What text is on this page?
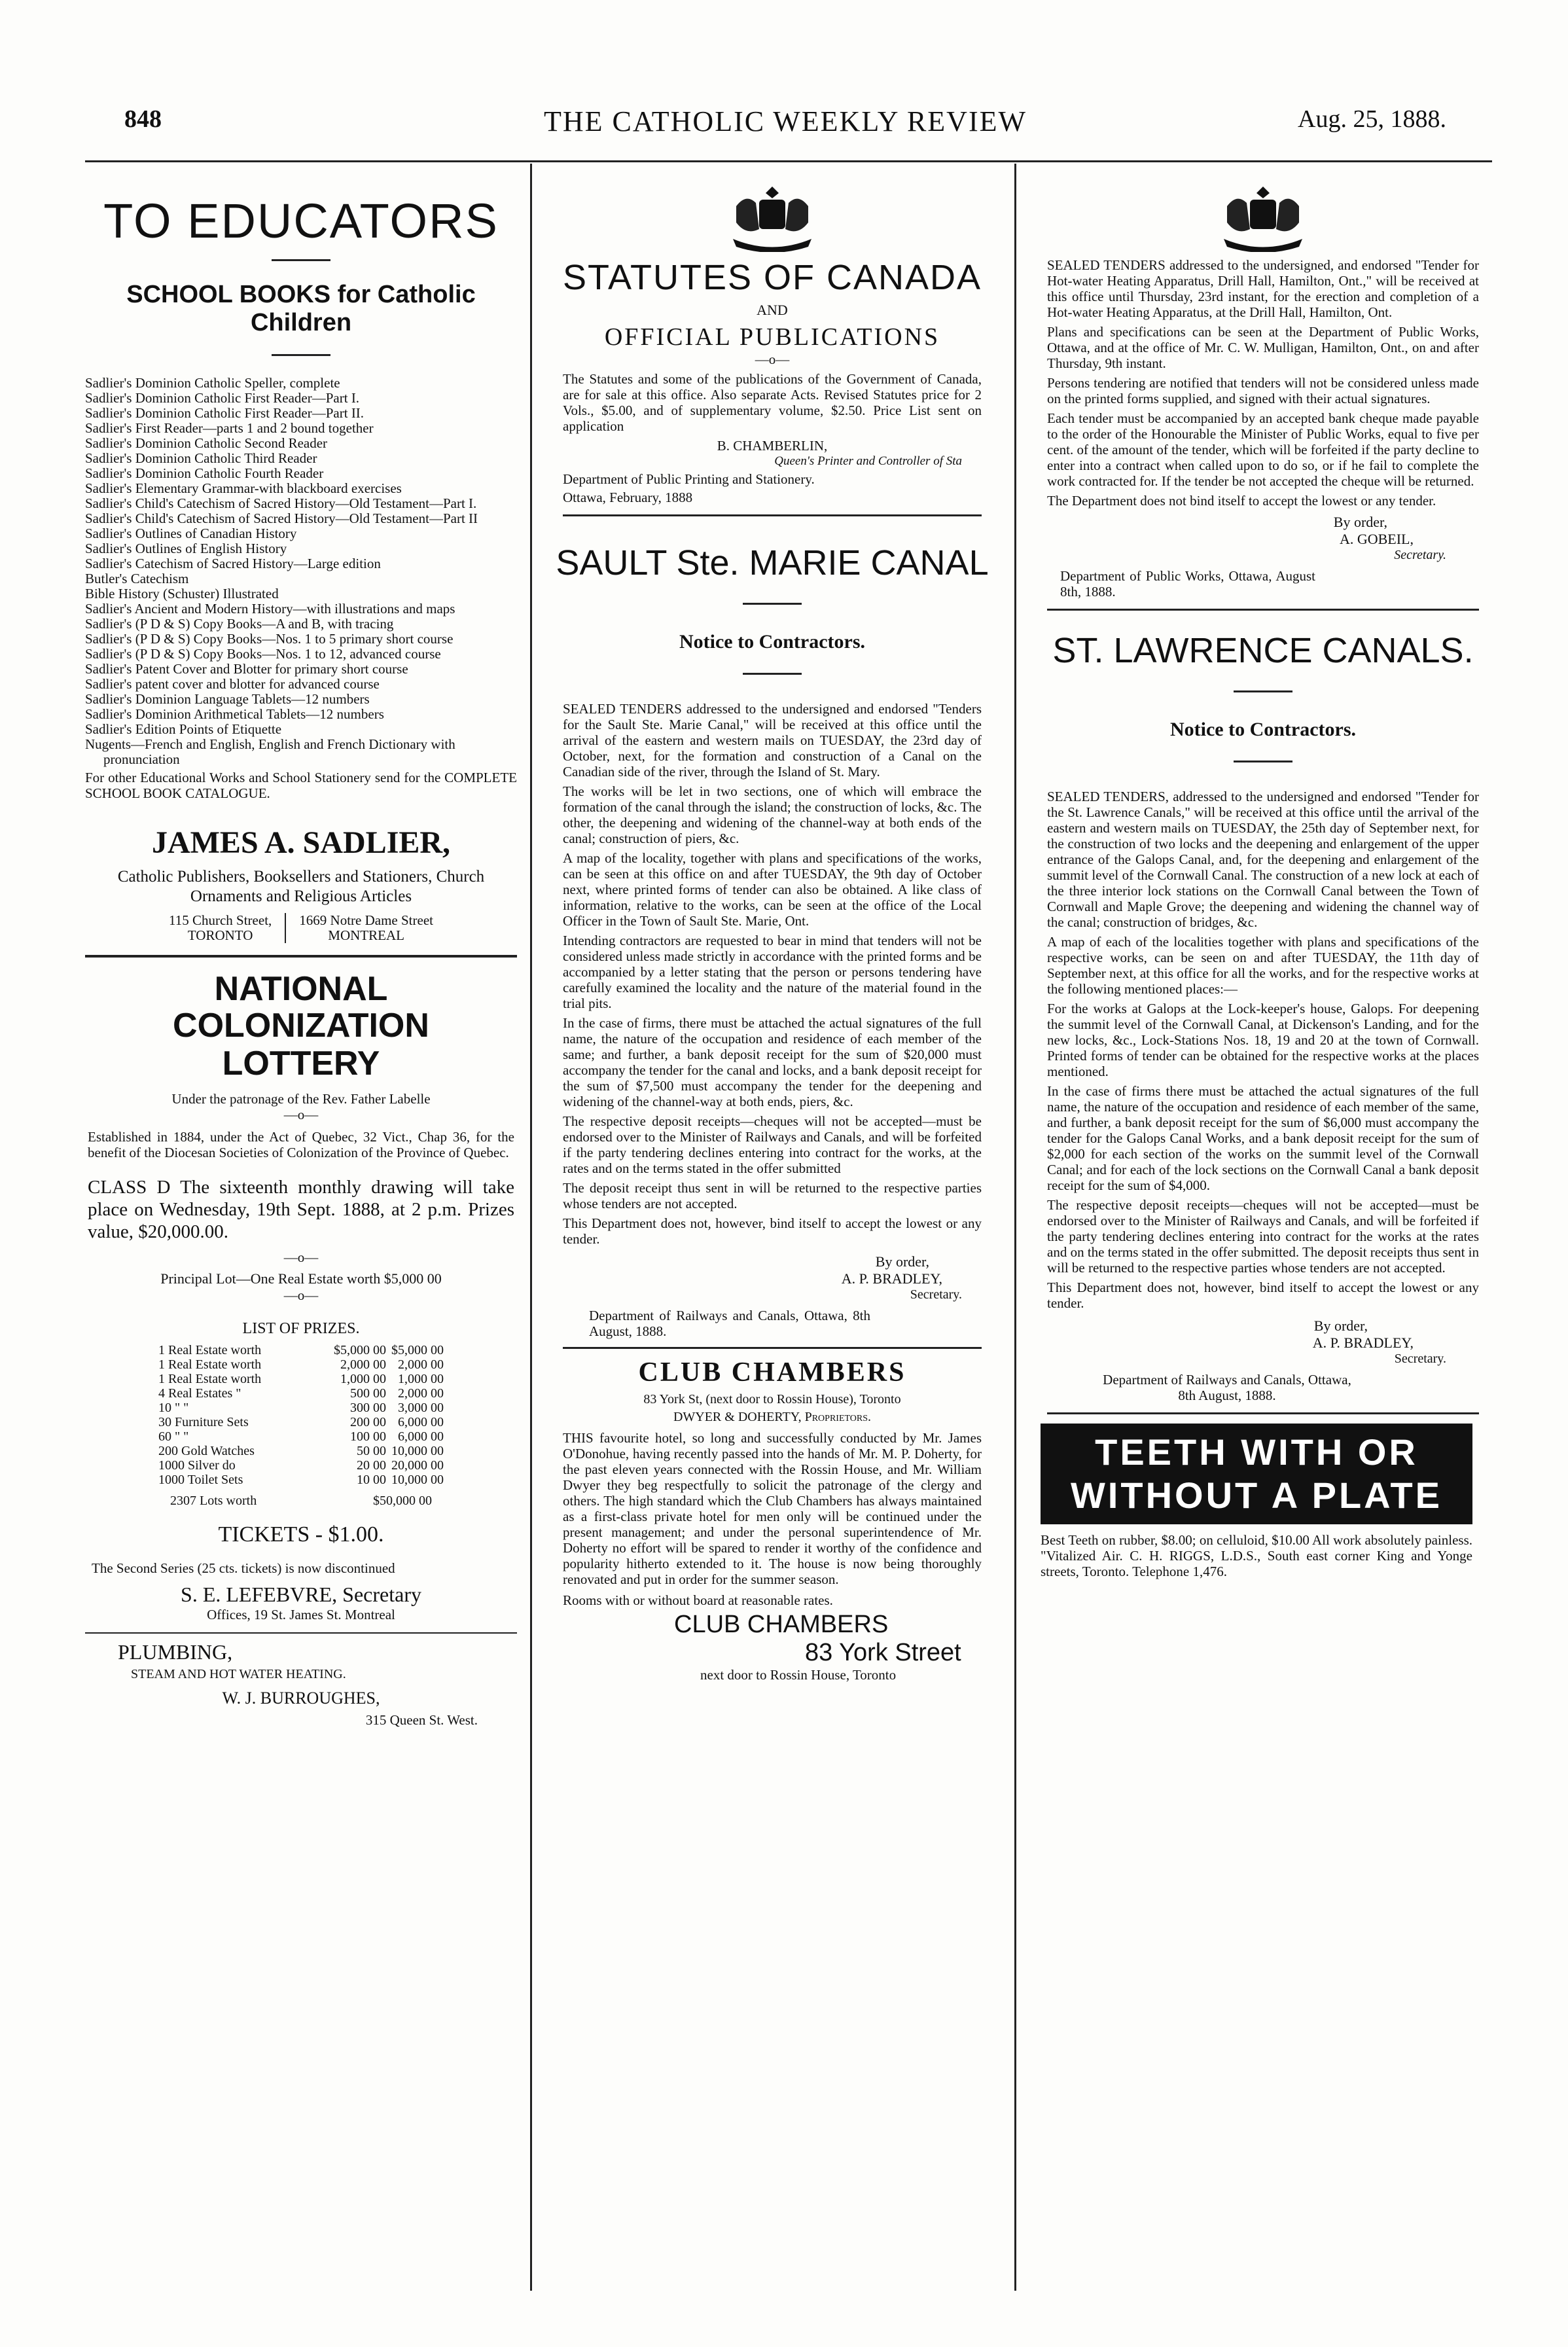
848	THE CATHOLIC WEEKLY REVIEW	Aug. 25, 1888.
TO EDUCATORS
SCHOOL BOOKS for Catholic Children
Sadlier's Dominion Catholic Speller, complete
Sadlier's Dominion Catholic First Reader—Part I.
Sadlier's Dominion Catholic First Reader—Part II.
Sadlier's First Reader—parts 1 and 2 bound together
Sadlier's Dominion Catholic Second Reader
Sadlier's Dominion Catholic Third Reader
Sadlier's Dominion Catholic Fourth Reader
Sadlier's Elementary Grammar-with blackboard exercises
Sadlier's Child's Catechism of Sacred History—Old Testament—Part I.
Sadlier's Child's Catechism of Sacred History—Old Testament—Part II
Sadlier's Outlines of Canadian History
Sadlier's Outlines of English History
Sadlier's Catechism of Sacred History—Large edition
Butler's Catechism
Bible History (Schuster) Illustrated
Sadlier's Ancient and Modern History—with illustrations and maps
Sadlier's (P D & S) Copy Books—A and B, with tracing
Sadlier's (P D & S) Copy Books—Nos. 1 to 5 primary short course
Sadlier's (P D & S) Copy Books—Nos. 1 to 12, advanced course
Sadlier's Patent Cover and Blotter for primary short course
Sadlier's patent cover and blotter for advanced course
Sadlier's Dominion Language Tablets—12 numbers
Sadlier's Dominion Arithmetical Tablets—12 numbers
Sadlier's Edition Points of Etiquette
Nugents—French and English, English and French Dictionary with pronunciation
For other Educational Works and School Stationery send for the COMPLETE SCHOOL BOOK CATALOGUE.
JAMES A. SADLIER,
Catholic Publishers, Booksellers and Stationers, Church Ornaments and Religious Articles
115 Church Street,
TORONTO
1669 Notre Dame Street
MONTREAL
NATIONAL COLONIZATION
LOTTERY
Under the patronage of the Rev. Father Labelle
—o—
Established in 1884, under the Act of Quebec, 32 Vict., Chap 36, for the benefit of the Diocesan Societies of Colonization of the Province of Quebec.
CLASS D The sixteenth monthly drawing will take place on Wednesday, 19th Sept. 1888, at 2 p.m. Prizes value, $20,000.00.
—o—
Principal Lot—One Real Estate worth $5,000 00
—o—
LIST OF PRIZES.
1 Real Estate worth	$5,000 00	$5,000 00
1 Real Estate worth	2,000 00	2,000 00
1 Real Estate worth	1,000 00	1,000 00
4 Real Estates "	500 00	2,000 00
10 " "	300 00	3,000 00
30 Furniture Sets	200 00	6,000 00
60 " "	100 00	6,000 00
200 Gold Watches	50 00	10,000 00
1000 Silver do	20 00	20,000 00
1000 Toilet Sets	10 00	10,000 00
2307 Lots worth	$50,000 00
TICKETS - $1.00.
The Second Series (25 cts. tickets) is now discontinued
S. E. LEFEBVRE, Secretary
Offices, 19 St. James St. Montreal
PLUMBING,
STEAM AND HOT WATER HEATING.
W. J. BURROUGHES,
315 Queen St. West.
STATUTES OF CANADA
AND
OFFICIAL PUBLICATIONS
—o—
The Statutes and some of the publications of the Government of Canada, are for sale at this office. Also separate Acts. Revised Statutes price for 2 Vols., $5.00, and of supplementary volume, $2.50. Price List sent on application
B. CHAMBERLIN,
Queen's Printer and Controller of Sta
Department of Public Printing and Stationery.
Ottawa, February, 1888
SAULT Ste. MARIE CANAL
Notice to Contractors.
SEALED TENDERS addressed to the undersigned and endorsed "Tenders for the Sault Ste. Marie Canal," will be received at this office until the arrival of the eastern and western mails on TUESDAY, the 23rd day of October, next, for the formation and construction of a Canal on the Canadian side of the river, through the Island of St. Mary.
The works will be let in two sections, one of which will embrace the formation of the canal through the island; the construction of locks, &c. The other, the deepening and widening of the channel-way at both ends of the canal; construction of piers, &c.
A map of the locality, together with plans and specifications of the works, can be seen at this office on and after TUESDAY, the 9th day of October next, where printed forms of tender can also be obtained. A like class of information, relative to the works, can be seen at the office of the Local Officer in the Town of Sault Ste. Marie, Ont.
Intending contractors are requested to bear in mind that tenders will not be considered unless made strictly in accordance with the printed forms and be accompanied by a letter stating that the person or persons tendering have carefully examined the locality and the nature of the material found in the trial pits.
In the case of firms, there must be attached the actual signatures of the full name, the nature of the occupation and residence of each member of the same; and further, a bank deposit receipt for the sum of $20,000 must accompany the tender for the canal and locks, and a bank deposit receipt for the sum of $7,500 must accompany the tender for the deepening and widening of the channel-way at both ends, piers, &c.
The respective deposit receipts—cheques will not be accepted—must be endorsed over to the Minister of Railways and Canals, and will be forfeited if the party tendering declines entering into contract for the works, at the rates and on the terms stated in the offer submitted
The deposit receipt thus sent in will be returned to the respective parties whose tenders are not accepted.
This Department does not, however, bind itself to accept the lowest or any tender.
By order,
A. P. BRADLEY,
Secretary.
Department of Railways and Canals, Ottawa, 8th August, 1888.
CLUB CHAMBERS
83 York St, (next door to Rossin House), Toronto
DWYER & DOHERTY, Proprietors.
THIS favourite hotel, so long and successfully conducted by Mr. James O'Donohue, having recently passed into the hands of Mr. M. P. Doherty, for the past eleven years connected with the Rossin House, and Mr. William Dwyer they beg respectfully to solicit the patronage of the clergy and others. The high standard which the Club Chambers has always maintained as a first-class private hotel for men only will be continued under the present management; and under the personal superintendence of Mr. Doherty no effort will be spared to render it worthy of the confidence and popularity hitherto extended to it. The house is now being thoroughly renovated and put in order for the summer season.
Rooms with or without board at reasonable rates.
CLUB CHAMBERS
83 York Street
next door to Rossin House, Toronto
SEALED TENDERS addressed to the undersigned, and endorsed "Tender for Hot-water Heating Apparatus, Drill Hall, Hamilton, Ont.," will be received at this office until Thursday, 23rd instant, for the erection and completion of a Hot-water Heating Apparatus, at the Drill Hall, Hamilton, Ont.
Plans and specifications can be seen at the Department of Public Works, Ottawa, and at the office of Mr. C. W. Mulligan, Hamilton, Ont., on and after Thursday, 9th instant.
Persons tendering are notified that tenders will not be considered unless made on the printed forms supplied, and signed with their actual signatures.
Each tender must be accompanied by an accepted bank cheque made payable to the order of the Honourable the Minister of Public Works, equal to five per cent. of the amount of the tender, which will be forfeited if the party decline to enter into a contract when called upon to do so, or if he fail to complete the work contracted for. If the tender be not accepted the cheque will be returned.
The Department does not bind itself to accept the lowest or any tender.
By order,
A. GOBEIL,
Secretary.
Department of Public Works, Ottawa, August 8th, 1888.
ST. LAWRENCE CANALS.
Notice to Contractors.
SEALED TENDERS, addressed to the undersigned and endorsed "Tender for the St. Lawrence Canals," will be received at this office until the arrival of the eastern and western mails on TUESDAY, the 25th day of September next, for the construction of two locks and the deepening and enlargement of the upper entrance of the Galops Canal, and, for the deepening and enlargement of the summit level of the Cornwall Canal. The construction of a new lock at each of the three interior lock stations on the Cornwall Canal between the Town of Cornwall and Maple Grove; the deepening and widening the channel way of the canal; construction of bridges, &c.
A map of each of the localities together with plans and specifications of the respective works, can be seen on and after TUESDAY, the 11th day of September next, at this office for all the works, and for the respective works at the following mentioned places:—
For the works at Galops at the Lock-keeper's house, Galops. For deepening the summit level of the Cornwall Canal, at Dickenson's Landing, and for the new locks, &c., Lock-Stations Nos. 18, 19 and 20 at the town of Cornwall. Printed forms of tender can be obtained for the respective works at the places mentioned.
In the case of firms there must be attached the actual signatures of the full name, the nature of the occupation and residence of each member of the same, and further, a bank deposit receipt for the sum of $6,000 must accompany the tender for the Galops Canal Works, and a bank deposit receipt for the sum of $2,000 for each section of the works on the summit level of the Cornwall Canal; and for each of the lock sections on the Cornwall Canal a bank deposit receipt for the sum of $4,000.
The respective deposit receipts—cheques will not be accepted—must be endorsed over to the Minister of Railways and Canals, and will be forfeited if the party tendering declines entering into contract for the works at the rates and on the terms stated in the offer submitted. The deposit receipts thus sent in will be returned to the respective parties whose tenders are not accepted.
This Department does not, however, bind itself to accept the lowest or any tender.
By order,
A. P. BRADLEY,
Secretary.
Department of Railways and Canals, Ottawa, 8th August, 1888.
TEETH WITH OR
WITHOUT A PLATE
Best Teeth on rubber, $8.00; on celluloid, $10.00 All work absolutely painless. "Vitalized Air. C. H. RIGGS, L.D.S., South east corner King and Yonge streets, Toronto. Telephone 1,476.
